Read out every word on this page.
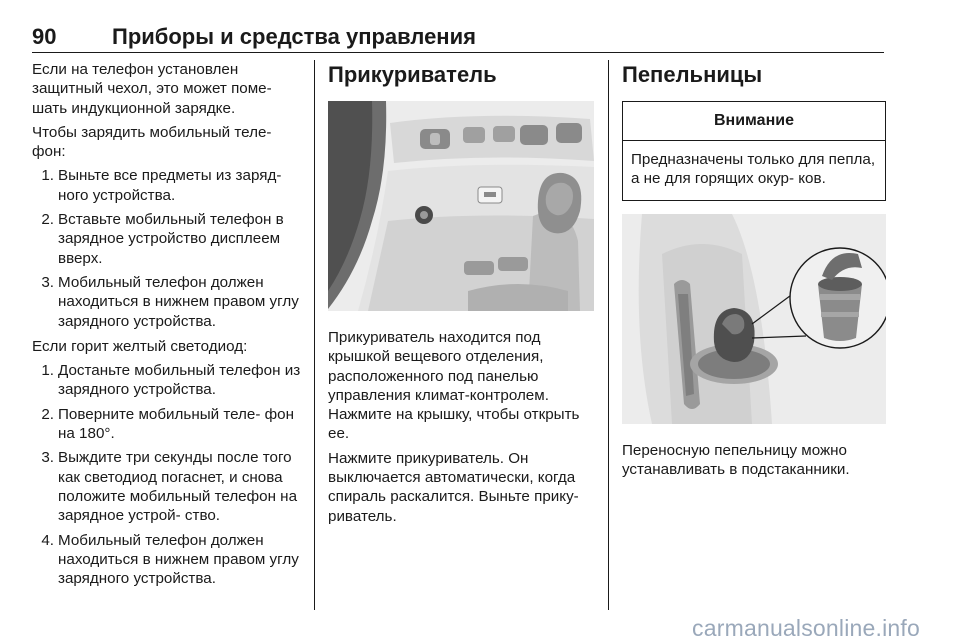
90	Приборы и средства управления

Если на телефон установлен защитный чехол, это может поме- шать индукционной зарядке.

Чтобы зарядить мобильный теле- фон:

1. Выньте все предметы из заряд- ного устройства.
2. Вставьте мобильный телефон в зарядное устройство дисплеем вверх.
3. Мобильный телефон должен находиться в нижнем правом углу зарядного устройства.

Если горит желтый светодиод:

1. Достаньте мобильный телефон из зарядного устройства.
2. Поверните мобильный теле- фон на 180°.
3. Выждите три секунды после того как светодиод погаснет, и снова положите мобильный телефон на зарядное устрой- ство.
4. Мобильный телефон должен находиться в нижнем правом углу зарядного устройства.
Прикуриватель

Прикуриватель находится под крышкой вещевого отделения, расположенного под панелью управления климат-контролем. Нажмите на крышку, чтобы открыть ее.

Нажмите прикуриватель. Он выключается автоматически, когда спираль раскалится. Выньте прику- риватель.

Пепельницы
Внимание
Предназначены только для пепла, а не для горящих окур- ков.

Переносную пепельницу можно устанавливать в подстаканники.

carmanualsonline.info
